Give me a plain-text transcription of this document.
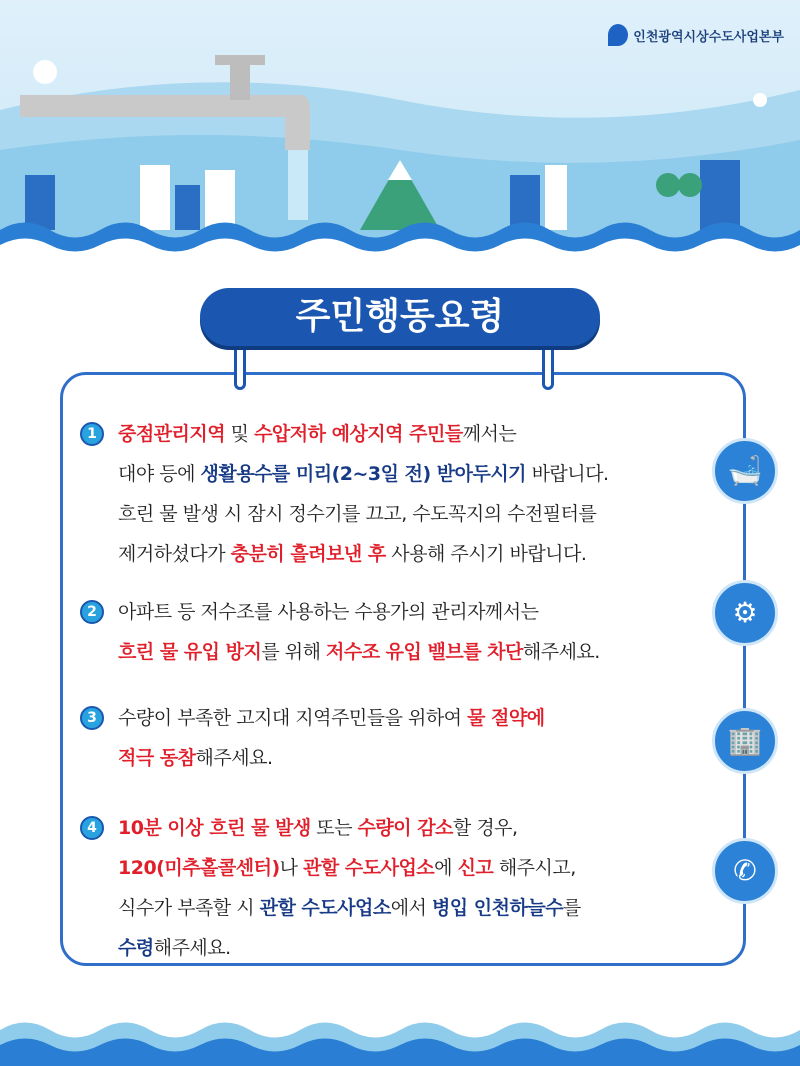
인천광역시상수도사업본부
주민행동요령
1	중점관리지역 및 수압저하 예상지역 주민들께서는
대야 등에 생활용수를 미리(2~3일 전) 받아두시기 바랍니다.
흐린 물 발생 시 잠시 정수기를 끄고, 수도꼭지의 수전필터를
제거하셨다가 충분히 흘려보낸 후 사용해 주시기 바랍니다.
2	아파트 등 저수조를 사용하는 수용가의 관리자께서는
흐린 물 유입 방지를 위해 저수조 유입 밸브를 차단해주세요.
3	수량이 부족한 고지대 지역주민들을 위하여 물 절약에
적극 동참해주세요.
4	10분 이상 흐린 물 발생 또는 수량이 감소할 경우,
120(미추홀콜센터)나 관할 수도사업소에 신고 해주시고,
식수가 부족할 시 관할 수도사업소에서 병입 인천하늘수를
수령해주세요.
🛁
⚙
🏢
✆
